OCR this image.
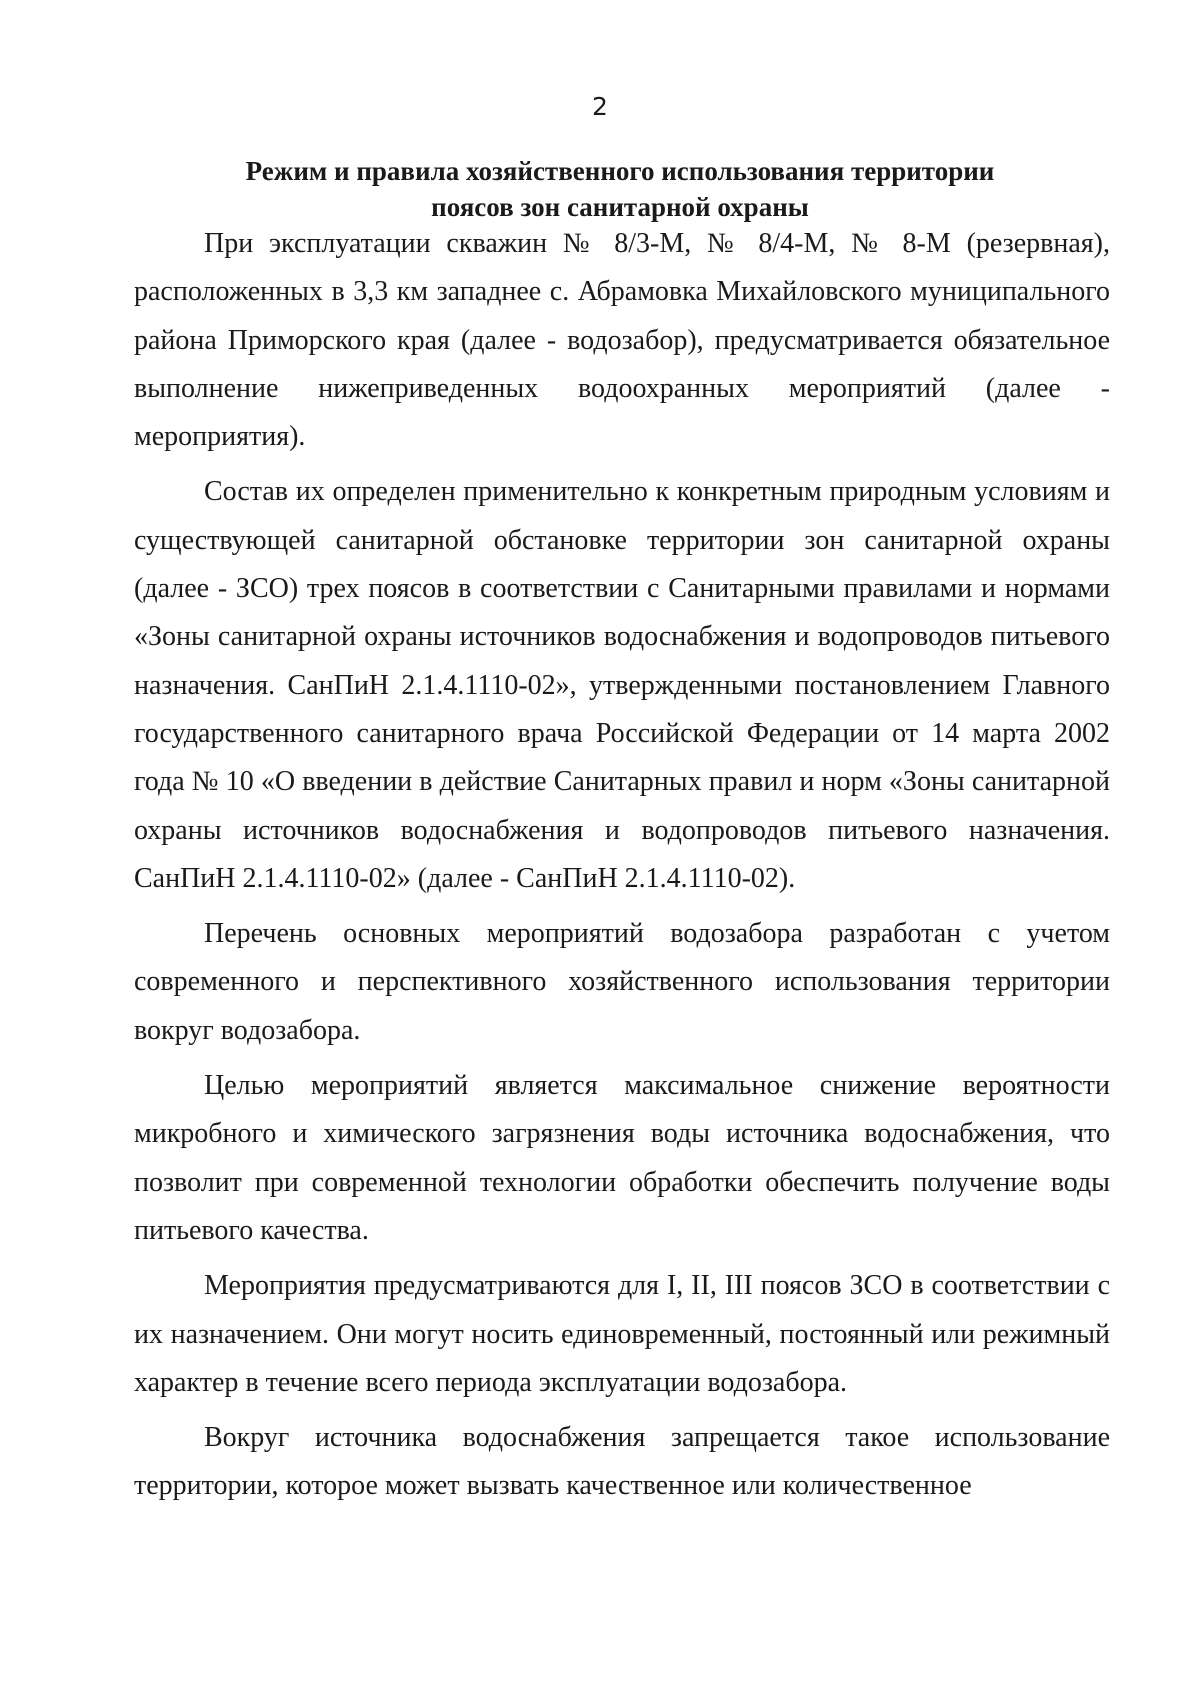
2
Режим и правила хозяйственного использования территории
поясов зон санитарной охраны

При эксплуатации скважин № 8/3-М, № 8/4-М, № 8-М (резервная), расположенных в 3,3 км западнее с. Абрамовка Михайловского муниципального района Приморского края (далее - водозабор), предусматривается обязательное выполнение нижеприведенных водоохранных мероприятий (далее - мероприятия).

Состав их определен применительно к конкретным природным условиям и существующей санитарной обстановке территории зон санитарной охраны (далее - ЗСО) трех поясов в соответствии с Санитарными правилами и нормами «Зоны санитарной охраны источников водоснабжения и водопроводов питьевого назначения. СанПиН 2.1.4.1110-02», утвержденными постановлением Главного государственного санитарного врача Российской Федерации от 14 марта 2002 года № 10 «О введении в действие Санитарных правил и норм «Зоны санитарной охраны источников водоснабжения и водопроводов питьевого назначения. СанПиН 2.1.4.1110-02» (далее - СанПиН 2.1.4.1110-02).

Перечень основных мероприятий водозабора разработан с учетом современного и перспективного хозяйственного использования территории вокруг водозабора.

Целью мероприятий является максимальное снижение вероятности микробного и химического загрязнения воды источника водоснабжения, что позволит при современной технологии обработки обеспечить получение воды питьевого качества.

Мероприятия предусматриваются для I, II, III поясов ЗСО в соответствии с их назначением. Они могут носить единовременный, постоянный или режимный характер в течение всего периода эксплуатации водозабора.

Вокруг источника водоснабжения запрещается такое использование территории, которое может вызвать качественное или количественное
